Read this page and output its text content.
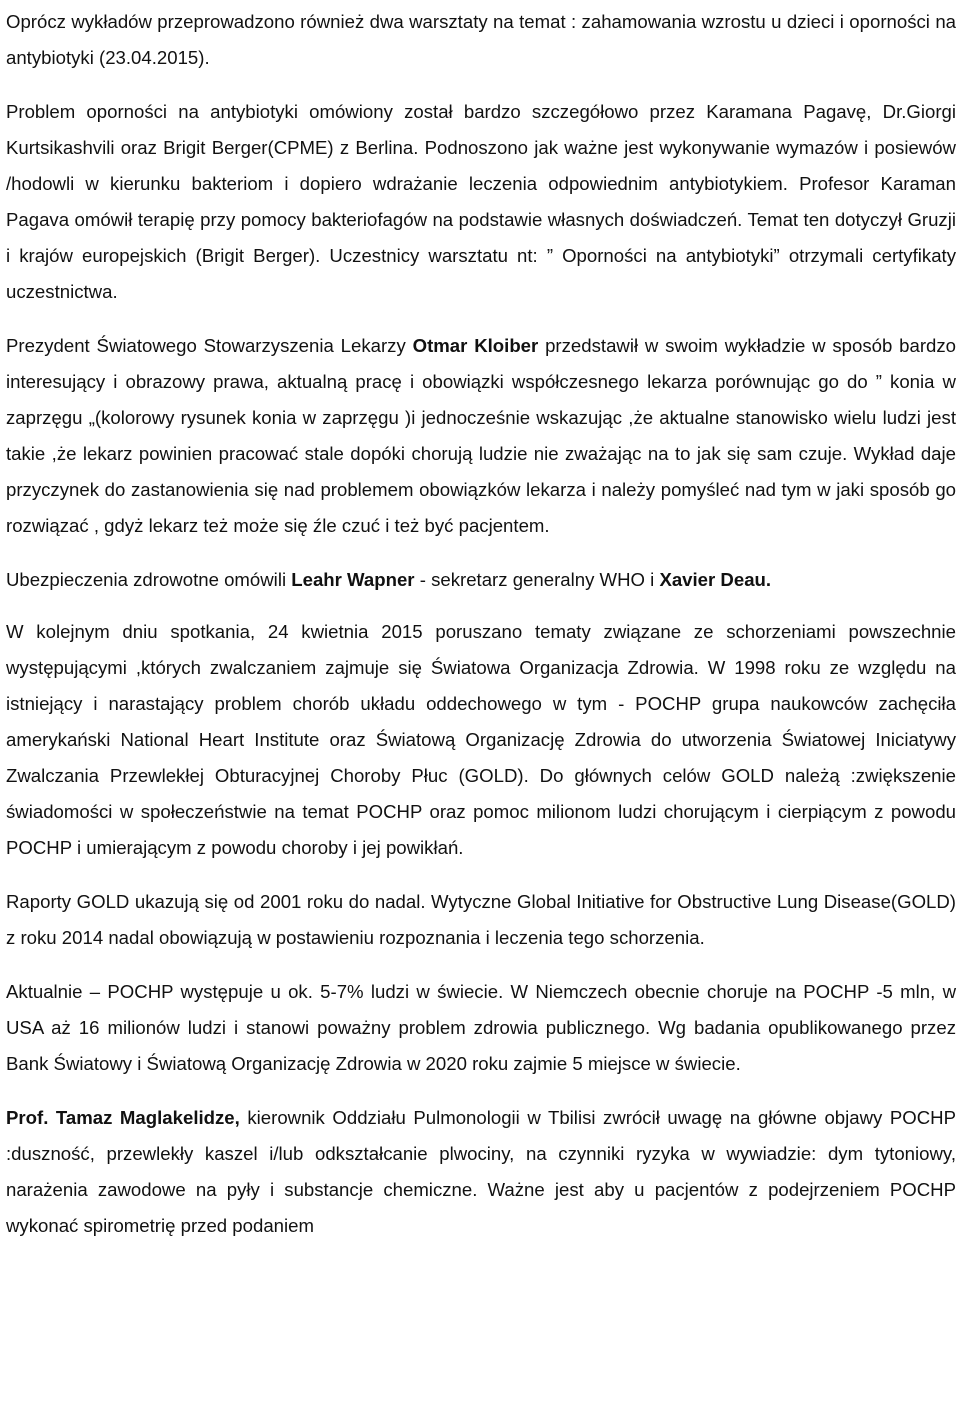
Oprócz wykładów przeprowadzono również dwa warsztaty na temat : zahamowania wzrostu u dzieci i oporności na antybiotyki (23.04.2015).

Problem oporności na antybiotyki omówiony został bardzo szczegółowo przez Karamana Pagavę, Dr.Giorgi Kurtsikashvili oraz Brigit Berger(CPME) z Berlina. Podnoszono jak ważne jest wykonywanie wymazów i posiewów /hodowli w kierunku bakteriom i dopiero wdrażanie leczenia odpowiednim antybiotykiem. Profesor Karaman Pagava omówił terapię przy pomocy bakteriofagów na podstawie własnych doświadczeń. Temat ten dotyczył Gruzji i krajów europejskich (Brigit Berger). Uczestnicy warsztatu nt: ” Oporności na antybiotyki” otrzymali certyfikaty uczestnictwa.

Prezydent Światowego Stowarzyszenia Lekarzy Otmar Kloiber przedstawił w swoim wykładzie w sposób bardzo interesujący i obrazowy prawa, aktualną pracę i obowiązki współczesnego lekarza porównując go do ” konia w zaprzęgu „(kolorowy rysunek konia w zaprzęgu )i jednocześnie wskazując ,że aktualne stanowisko wielu ludzi jest takie ,że lekarz powinien pracować stale dopóki chorują ludzie nie zważając na to jak się sam czuje. Wykład daje przyczynek do zastanowienia się nad problemem obowiązków lekarza i należy pomyśleć nad tym w jaki sposób go rozwiązać , gdyż lekarz też może się źle czuć i też być pacjentem.

Ubezpieczenia zdrowotne omówili Leahr Wapner - sekretarz generalny WHO i Xavier Deau.

W kolejnym dniu spotkania, 24 kwietnia 2015 poruszano tematy związane ze schorzeniami powszechnie występującymi ,których zwalczaniem zajmuje się Światowa Organizacja Zdrowia. W 1998 roku ze względu na istniejący i narastający problem chorób układu oddechowego w tym - POCHP grupa naukowców zachęciła amerykański National Heart Institute oraz Światową Organizację Zdrowia do utworzenia Światowej Iniciatywy Zwalczania Przewlekłej Obturacyjnej Choroby Płuc (GOLD). Do głównych celów GOLD należą :zwiększenie świadomości w społeczeństwie na temat POCHP oraz pomoc milionom ludzi chorującym i cierpiącym z powodu POCHP i umierającym z powodu choroby i jej powikłań.

Raporty GOLD ukazują się od 2001 roku do nadal. Wytyczne Global Initiative for Obstructive Lung Disease(GOLD) z roku 2014 nadal obowiązują w postawieniu rozpoznania i leczenia tego schorzenia.

Aktualnie – POCHP występuje u ok. 5-7% ludzi w świecie. W Niemczech obecnie choruje na POCHP -5 mln, w USA aż 16 milionów ludzi i stanowi poważny problem zdrowia publicznego. Wg badania opublikowanego przez Bank Światowy i Światową Organizację Zdrowia w 2020 roku zajmie 5 miejsce w świecie.

Prof. Tamaz Maglakelidze, kierownik Oddziału Pulmonologii w Tbilisi zwrócił uwagę na główne objawy POCHP :duszność, przewlekły kaszel i/lub odkształcanie plwociny, na czynniki ryzyka w wywiadzie: dym tytoniowy, narażenia zawodowe na pyły i substancje chemiczne. Ważne jest aby u pacjentów z podejrzeniem POCHP wykonać spirometrię przed podaniem
